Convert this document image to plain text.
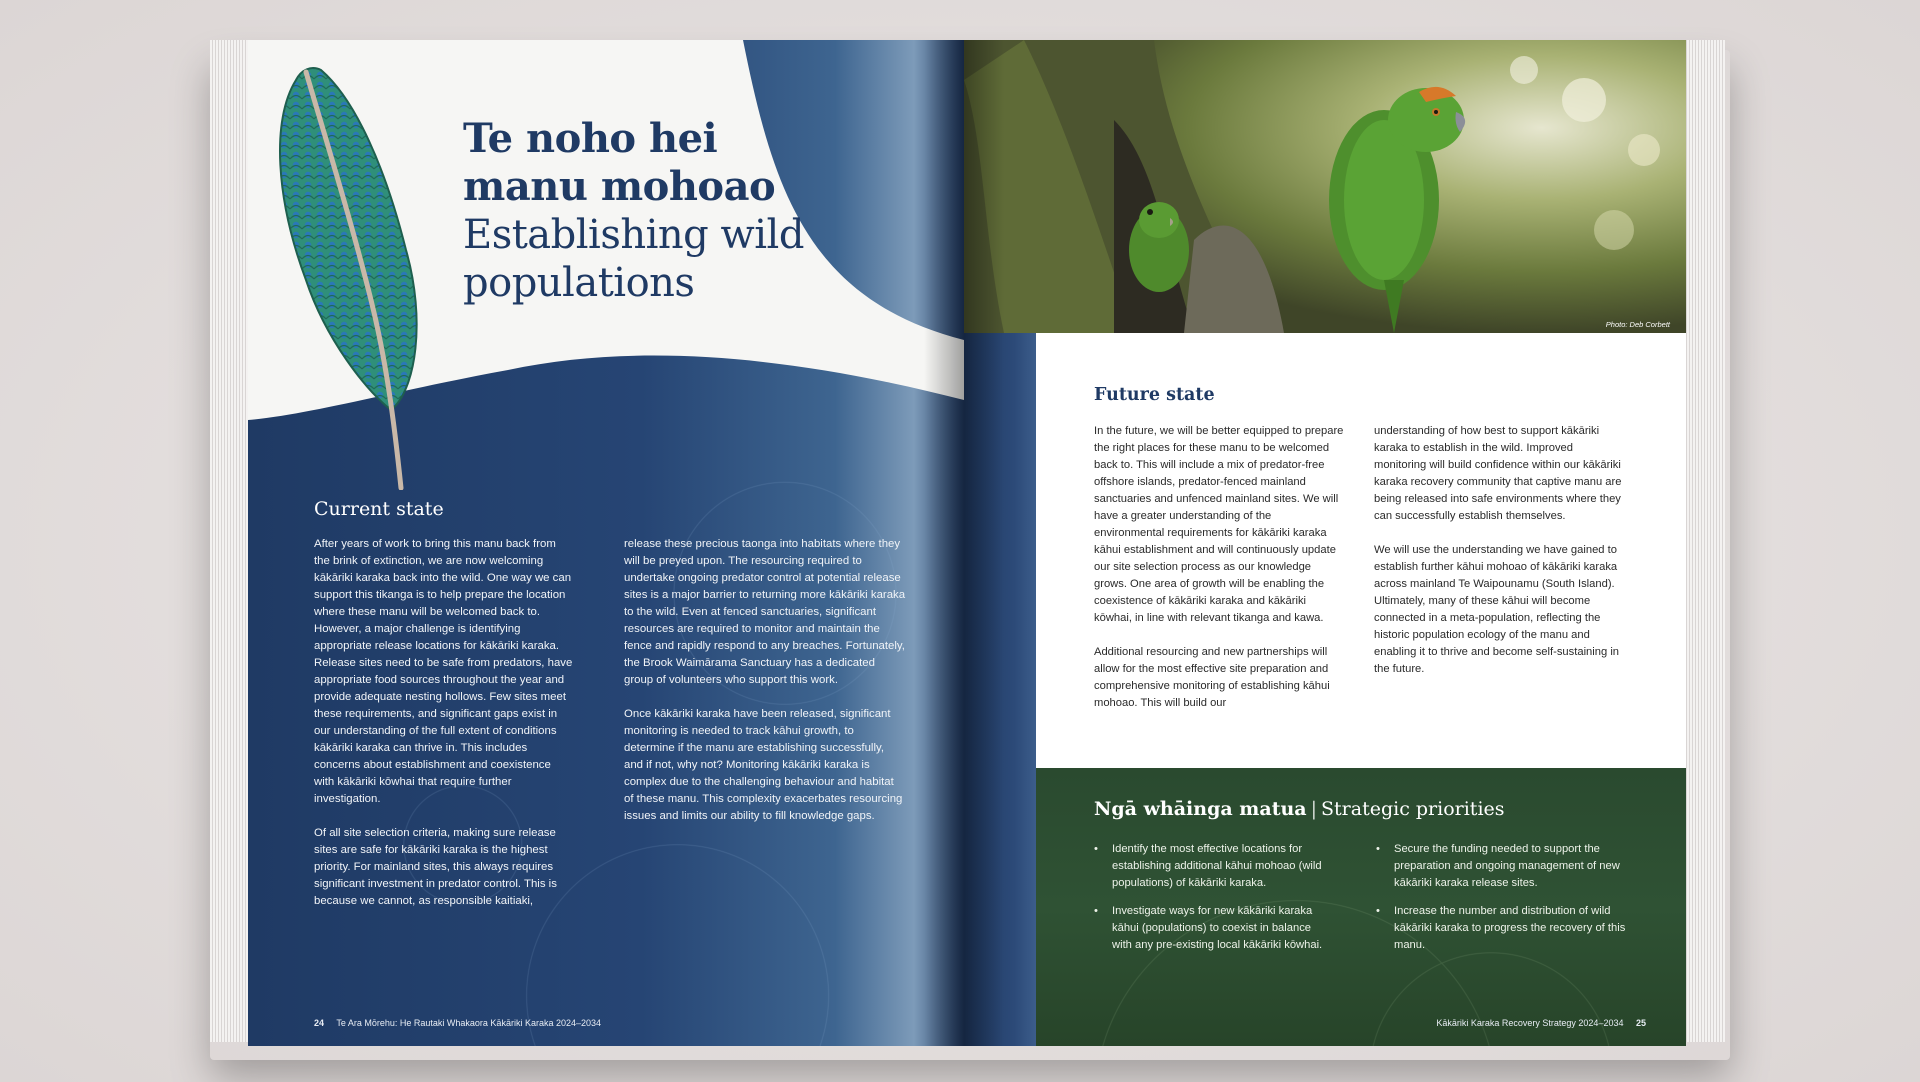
Te noho hei
manu mohoao
Establishing wild
populations
Current state

After years of work to bring this manu back from the brink of extinction, we are now welcoming kākāriki karaka back into the wild. One way we can support this tikanga is to help prepare the location where these manu will be welcomed back to. However, a major challenge is identifying appropriate release locations for kākāriki karaka. Release sites need to be safe from predators, have appropriate food sources throughout the year and provide adequate nesting hollows. Few sites meet these requirements, and significant gaps exist in our understanding of the full extent of conditions kākāriki karaka can thrive in. This includes concerns about establishment and coexistence with kākāriki kōwhai that require further investigation.

Of all site selection criteria, making sure release sites are safe for kākāriki karaka is the highest priority. For mainland sites, this always requires significant investment in predator control. This is because we cannot, as responsible kaitiaki,

release these precious taonga into habitats where they will be preyed upon. The resourcing required to undertake ongoing predator control at potential release sites is a major barrier to returning more kākāriki karaka to the wild. Even at fenced sanctuaries, significant resources are required to monitor and maintain the fence and rapidly respond to any breaches. Fortunately, the Brook Waimārama Sanctuary has a dedicated group of volunteers who support this work.

Once kākāriki karaka have been released, significant monitoring is needed to track kāhui growth, to determine if the manu are establishing successfully, and if not, why not? Monitoring kākāriki karaka is complex due to the challenging behaviour and habitat of these manu. This complexity exacerbates resourcing issues and limits our ability to fill knowledge gaps.

24 Te Ara Mōrehu: He Rautaki Whakaora Kākāriki Karaka 2024–2034
Photo: Deb Corbett
Future state

In the future, we will be better equipped to prepare the right places for these manu to be welcomed back to. This will include a mix of predator-free offshore islands, predator-fenced mainland sanctuaries and unfenced mainland sites. We will have a greater understanding of the environmental requirements for kākāriki karaka kāhui establishment and will continuously update our site selection process as our knowledge grows. One area of growth will be enabling the coexistence of kākāriki karaka and kākāriki kōwhai, in line with relevant tikanga and kawa.

Additional resourcing and new partnerships will allow for the most effective site preparation and comprehensive monitoring of establishing kāhui mohoao. This will build our

understanding of how best to support kākāriki karaka to establish in the wild. Improved monitoring will build confidence within our kākāriki karaka recovery community that captive manu are being released into safe environments where they can successfully establish themselves.

We will use the understanding we have gained to establish further kāhui mohoao of kākāriki karaka across mainland Te Waipounamu (South Island). Ultimately, many of these kāhui will become connected in a meta-population, reflecting the historic population ecology of the manu and enabling it to thrive and become self-sustaining in the future.

Ngā whāinga matua | Strategic priorities
• Identify the most effective locations for establishing additional kāhui mohoao (wild populations) of kākāriki karaka.
• Investigate ways for new kākāriki karaka kāhui (populations) to coexist in balance with any pre-existing local kākāriki kōwhai.
• Secure the funding needed to support the preparation and ongoing management of new kākāriki karaka release sites.
• Increase the number and distribution of wild kākāriki karaka to progress the recovery of this manu.
Kākāriki Karaka Recovery Strategy 2024–2034 25
